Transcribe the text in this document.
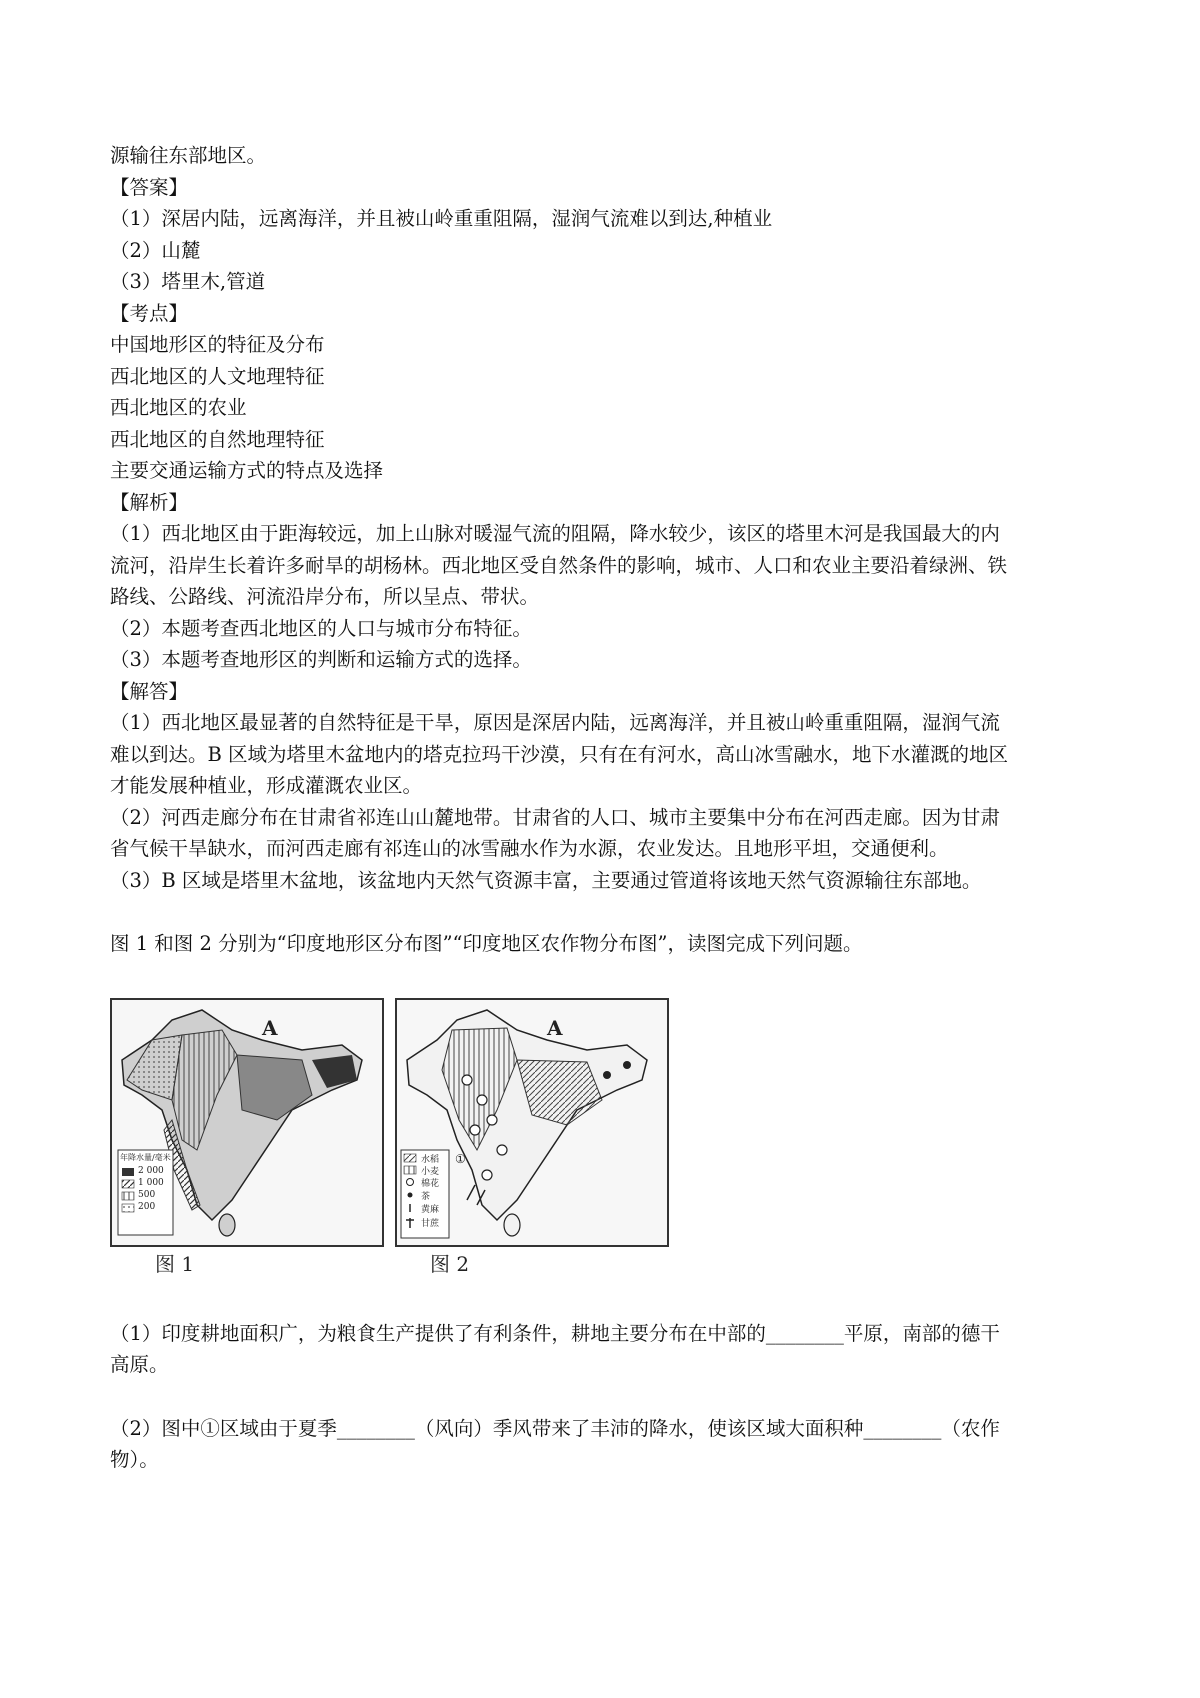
源输往东部地区。
【答案】
（1）深居内陆，远离海洋，并且被山岭重重阻隔，湿润气流难以到达,种植业
（2）山麓
（3）塔里木,管道
【考点】
中国地形区的特征及分布
西北地区的人文地理特征
西北地区的农业
西北地区的自然地理特征
主要交通运输方式的特点及选择
【解析】
（1）西北地区由于距海较远，加上山脉对暖湿气流的阻隔，降水较少，该区的塔里木河是我国最大的内
流河，沿岸生长着许多耐旱的胡杨林。西北地区受自然条件的影响，城市、人口和农业主要沿着绿洲、铁
路线、公路线、河流沿岸分布，所以呈点、带状。
（2）本题考查西北地区的人口与城市分布特征。
（3）本题考查地形区的判断和运输方式的选择。
【解答】
（1）西北地区最显著的自然特征是干旱，原因是深居内陆，远离海洋，并且被山岭重重阻隔，湿润气流
难以到达。B 区域为塔里木盆地内的塔克拉玛干沙漠，只有在有河水，高山冰雪融水，地下水灌溉的地区
才能发展种植业，形成灌溉农业区。
（2）河西走廊分布在甘肃省祁连山山麓地带。甘肃省的人口、城市主要集中分布在河西走廊。因为甘肃
省气候干旱缺水，而河西走廊有祁连山的冰雪融水作为水源，农业发达。且地形平坦，交通便利。
（3）B 区域是塔里木盆地，该盆地内天然气资源丰富，主要通过管道将该地天然气资源输往东部地。
图 1 和图 2 分别为“印度地形区分布图”“印度地区农作物分布图”，读图完成下列问题。
A
年降水量/毫米
2 000
1 000
500
200
图 1
A
①
水稻
小麦
棉花
茶
黄麻
甘蔗
图 2
（1）印度耕地面积广，为粮食生产提供了有利条件，耕地主要分布在中部的________平原，南部的德干
高原。
（2）图中①区域由于夏季________（风向）季风带来了丰沛的降水，使该区域大面积种________（农作
物）。
